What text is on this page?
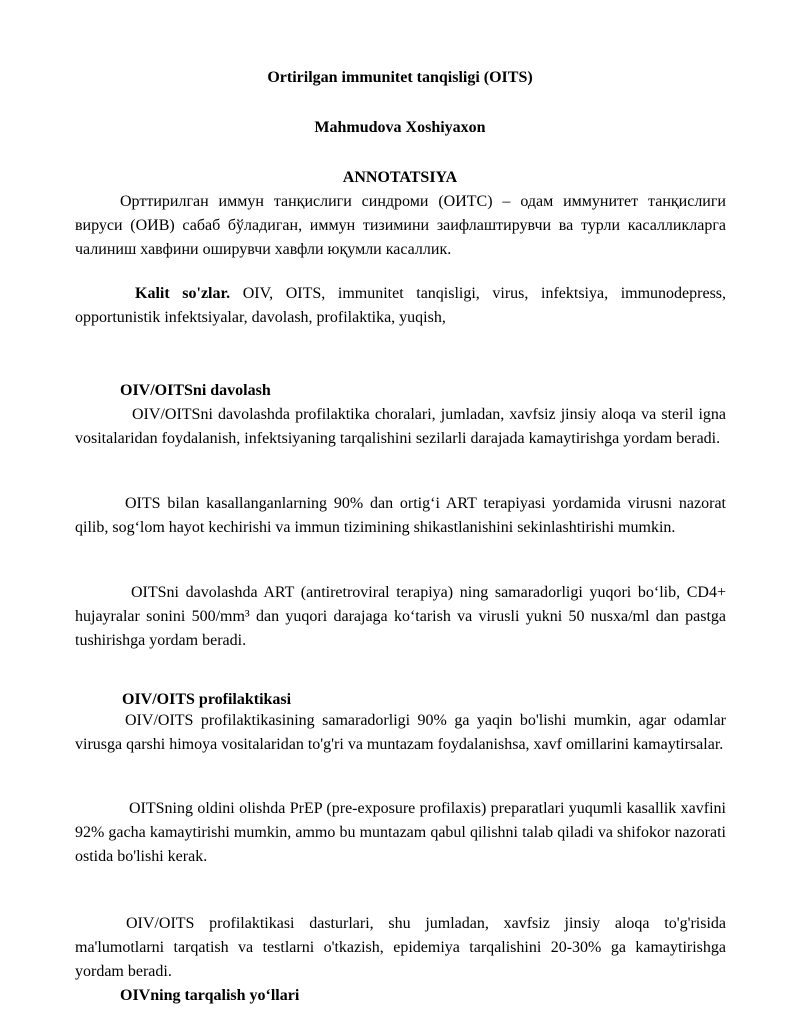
Ortirilgan immunitet tanqisligi (OITS)
Mahmudova Xoshiyaxon
ANNOTATSIYA
Орттирилган иммун танқислиги синдроми (ОИТС) – одам иммунитет танқислиги вируси (ОИВ) сабаб бўладиган, иммун тизимини заифлаштирувчи ва турли касалликларга чалиниш хавфини оширувчи хавфли юқумли касаллик.
Kalit so'zlar. OIV, OITS, immunitet tanqisligi, virus, infektsiya, immunodepress, opportunistik infektsiyalar, davolash, profilaktika, yuqish,
OIV/OITSni davolash
OIV/OITSni davolashda profilaktika choralari, jumladan, xavfsiz jinsiy aloqa va steril igna vositalaridan foydalanish, infektsiyaning tarqalishini sezilarli darajada kamaytirishga yordam beradi.
OITS bilan kasallanganlarning 90% dan ortig‘i ART terapiyasi yordamida virusni nazorat qilib, sog‘lom hayot kechirishi va immun tizimining shikastlanishini sekinlashtirishi mumkin.
OITSni davolashda ART (antiretroviral terapiya) ning samaradorligi yuqori bo‘lib, CD4+ hujayralar sonini 500/mm³ dan yuqori darajaga ko‘tarish va virusli yukni 50 nusxa/ml dan pastga tushirishga yordam beradi.
OIV/OITS profilaktikasi
OIV/OITS profilaktikasining samaradorligi 90% ga yaqin bo'lishi mumkin, agar odamlar virusga qarshi himoya vositalaridan to'g'ri va muntazam foydalanishsa, xavf omillarini kamaytirsalar.
OITSning oldini olishda PrEP (pre-exposure profilaxis) preparatlari yuqumli kasallik xavfini 92% gacha kamaytirishi mumkin, ammo bu muntazam qabul qilishni talab qiladi va shifokor nazorati ostida bo'lishi kerak.
OIV/OITS profilaktikasi dasturlari, shu jumladan, xavfsiz jinsiy aloqa to'g'risida ma'lumotlarni tarqatish va testlarni o'tkazish, epidemiya tarqalishini 20-30% ga kamaytirishga yordam beradi.
OIVning tarqalish yo‘llari
